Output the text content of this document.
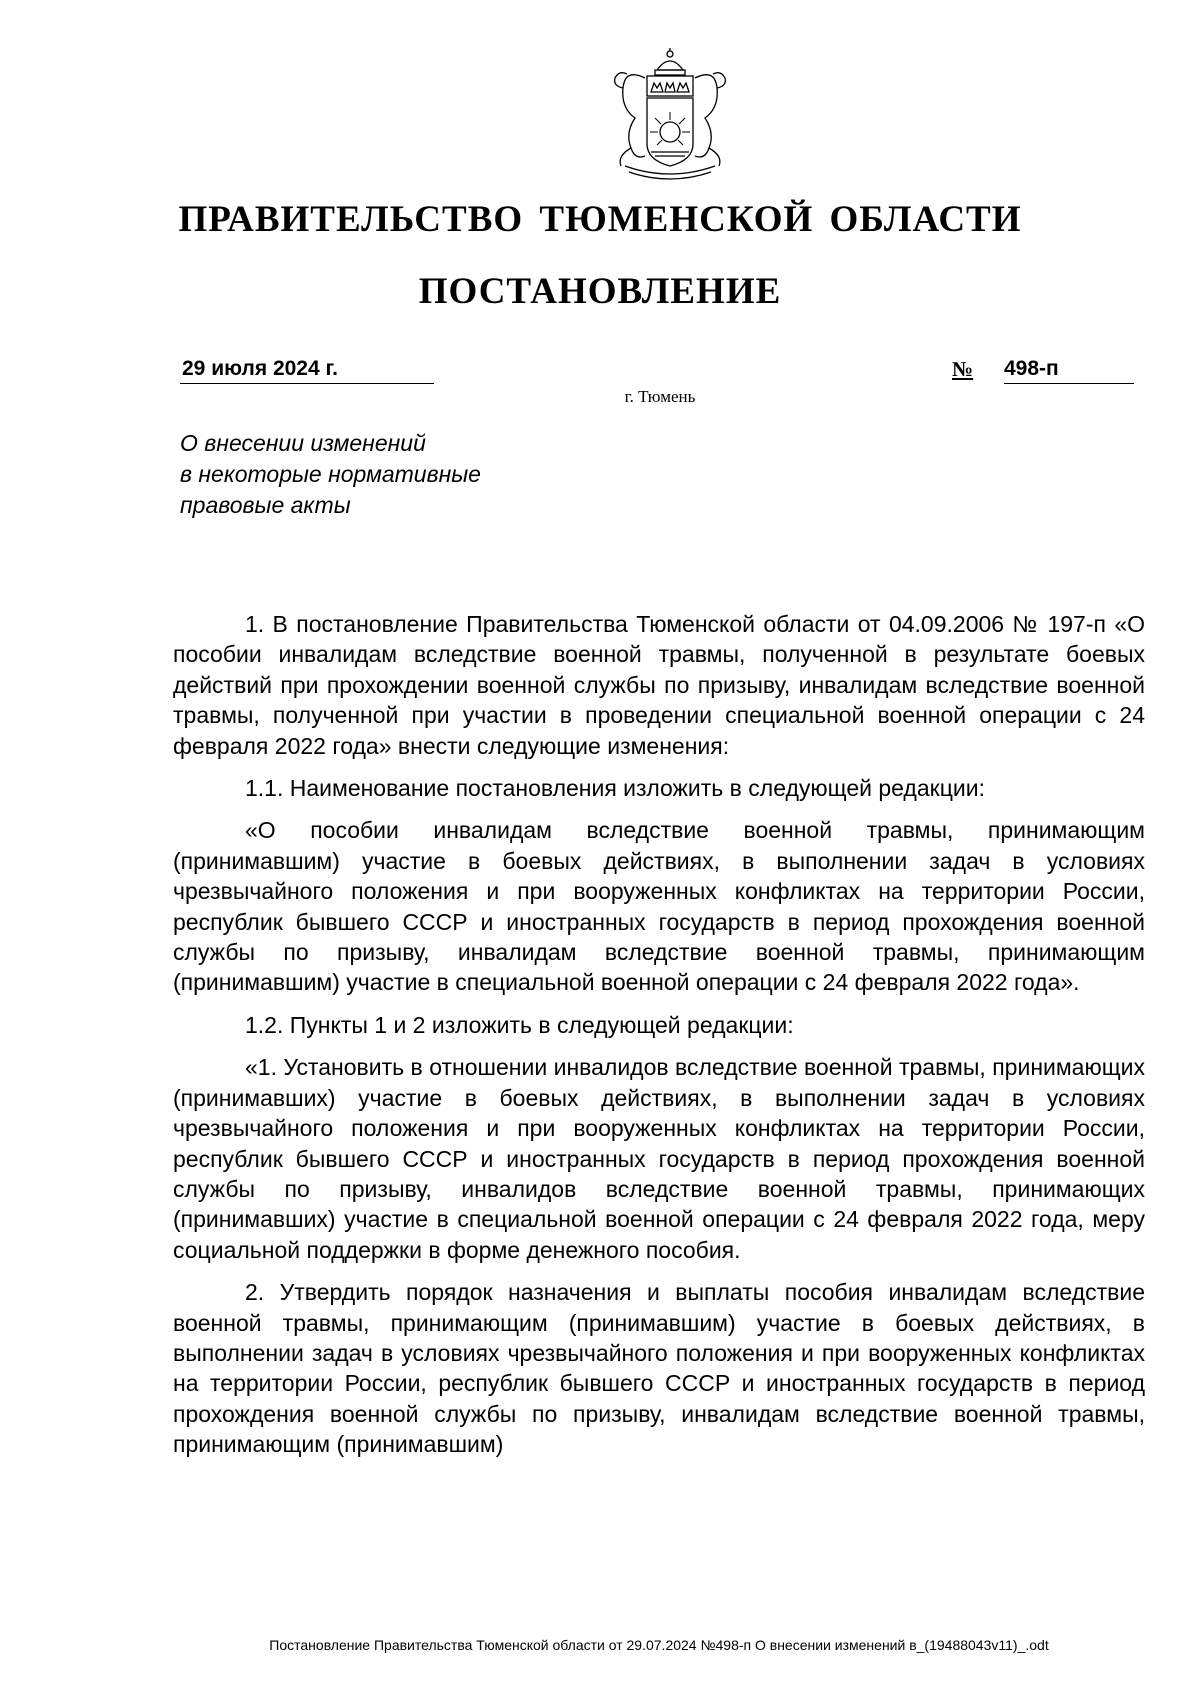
ПРАВИТЕЛЬСТВО ТЮМЕНСКОЙ ОБЛАСТИ
ПОСТАНОВЛЕНИЕ
29 июля 2024 г.	№ 498-п
г. Тюмень
О внесении изменений
в некоторые нормативные
правовые акты

1. В постановление Правительства Тюменской области от 04.09.2006 № 197-п «О пособии инвалидам вследствие военной травмы, полученной в результате боевых действий при прохождении военной службы по призыву, инвалидам вследствие военной травмы, полученной при участии в проведении специальной военной операции с 24 февраля 2022 года» внести следующие изменения:

1.1. Наименование постановления изложить в следующей редакции:

«О пособии инвалидам вследствие военной травмы, принимающим (принимавшим) участие в боевых действиях, в выполнении задач в условиях чрезвычайного положения и при вооруженных конфликтах на территории России, республик бывшего СССР и иностранных государств в период прохождения военной службы по призыву, инвалидам вследствие военной травмы, принимающим (принимавшим) участие в специальной военной операции с 24 февраля 2022 года».

1.2. Пункты 1 и 2 изложить в следующей редакции:

«1. Установить в отношении инвалидов вследствие военной травмы, принимающих (принимавших) участие в боевых действиях, в выполнении задач в условиях чрезвычайного положения и при вооруженных конфликтах на территории России, республик бывшего СССР и иностранных государств в период прохождения военной службы по призыву, инвалидов вследствие военной травмы, принимающих (принимавших) участие в специальной военной операции с 24 февраля 2022 года, меру социальной поддержки в форме денежного пособия.

2. Утвердить порядок назначения и выплаты пособия инвалидам вследствие военной травмы, принимающим (принимавшим) участие в боевых действиях, в выполнении задач в условиях чрезвычайного положения и при вооруженных конфликтах на территории России, республик бывшего СССР и иностранных государств в период прохождения военной службы по призыву, инвалидам вследствие военной травмы, принимающим (принимавшим)

Постановление Правительства Тюменской области от 29.07.2024 №498-п О внесении изменений в_(19488043v11)_.odt
